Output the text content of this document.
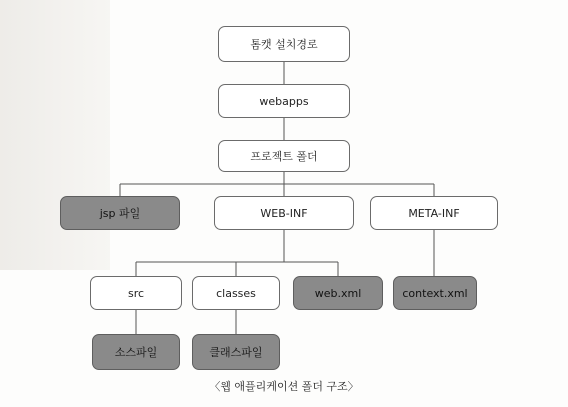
톰캣 설치경로
webapps
프로젝트 폴더
jsp 파일	WEB-INF	META-INF
src	classes	web.xml	context.xml
소스파일	클래스파일
〈웹 애플리케이션 폴더 구조〉
